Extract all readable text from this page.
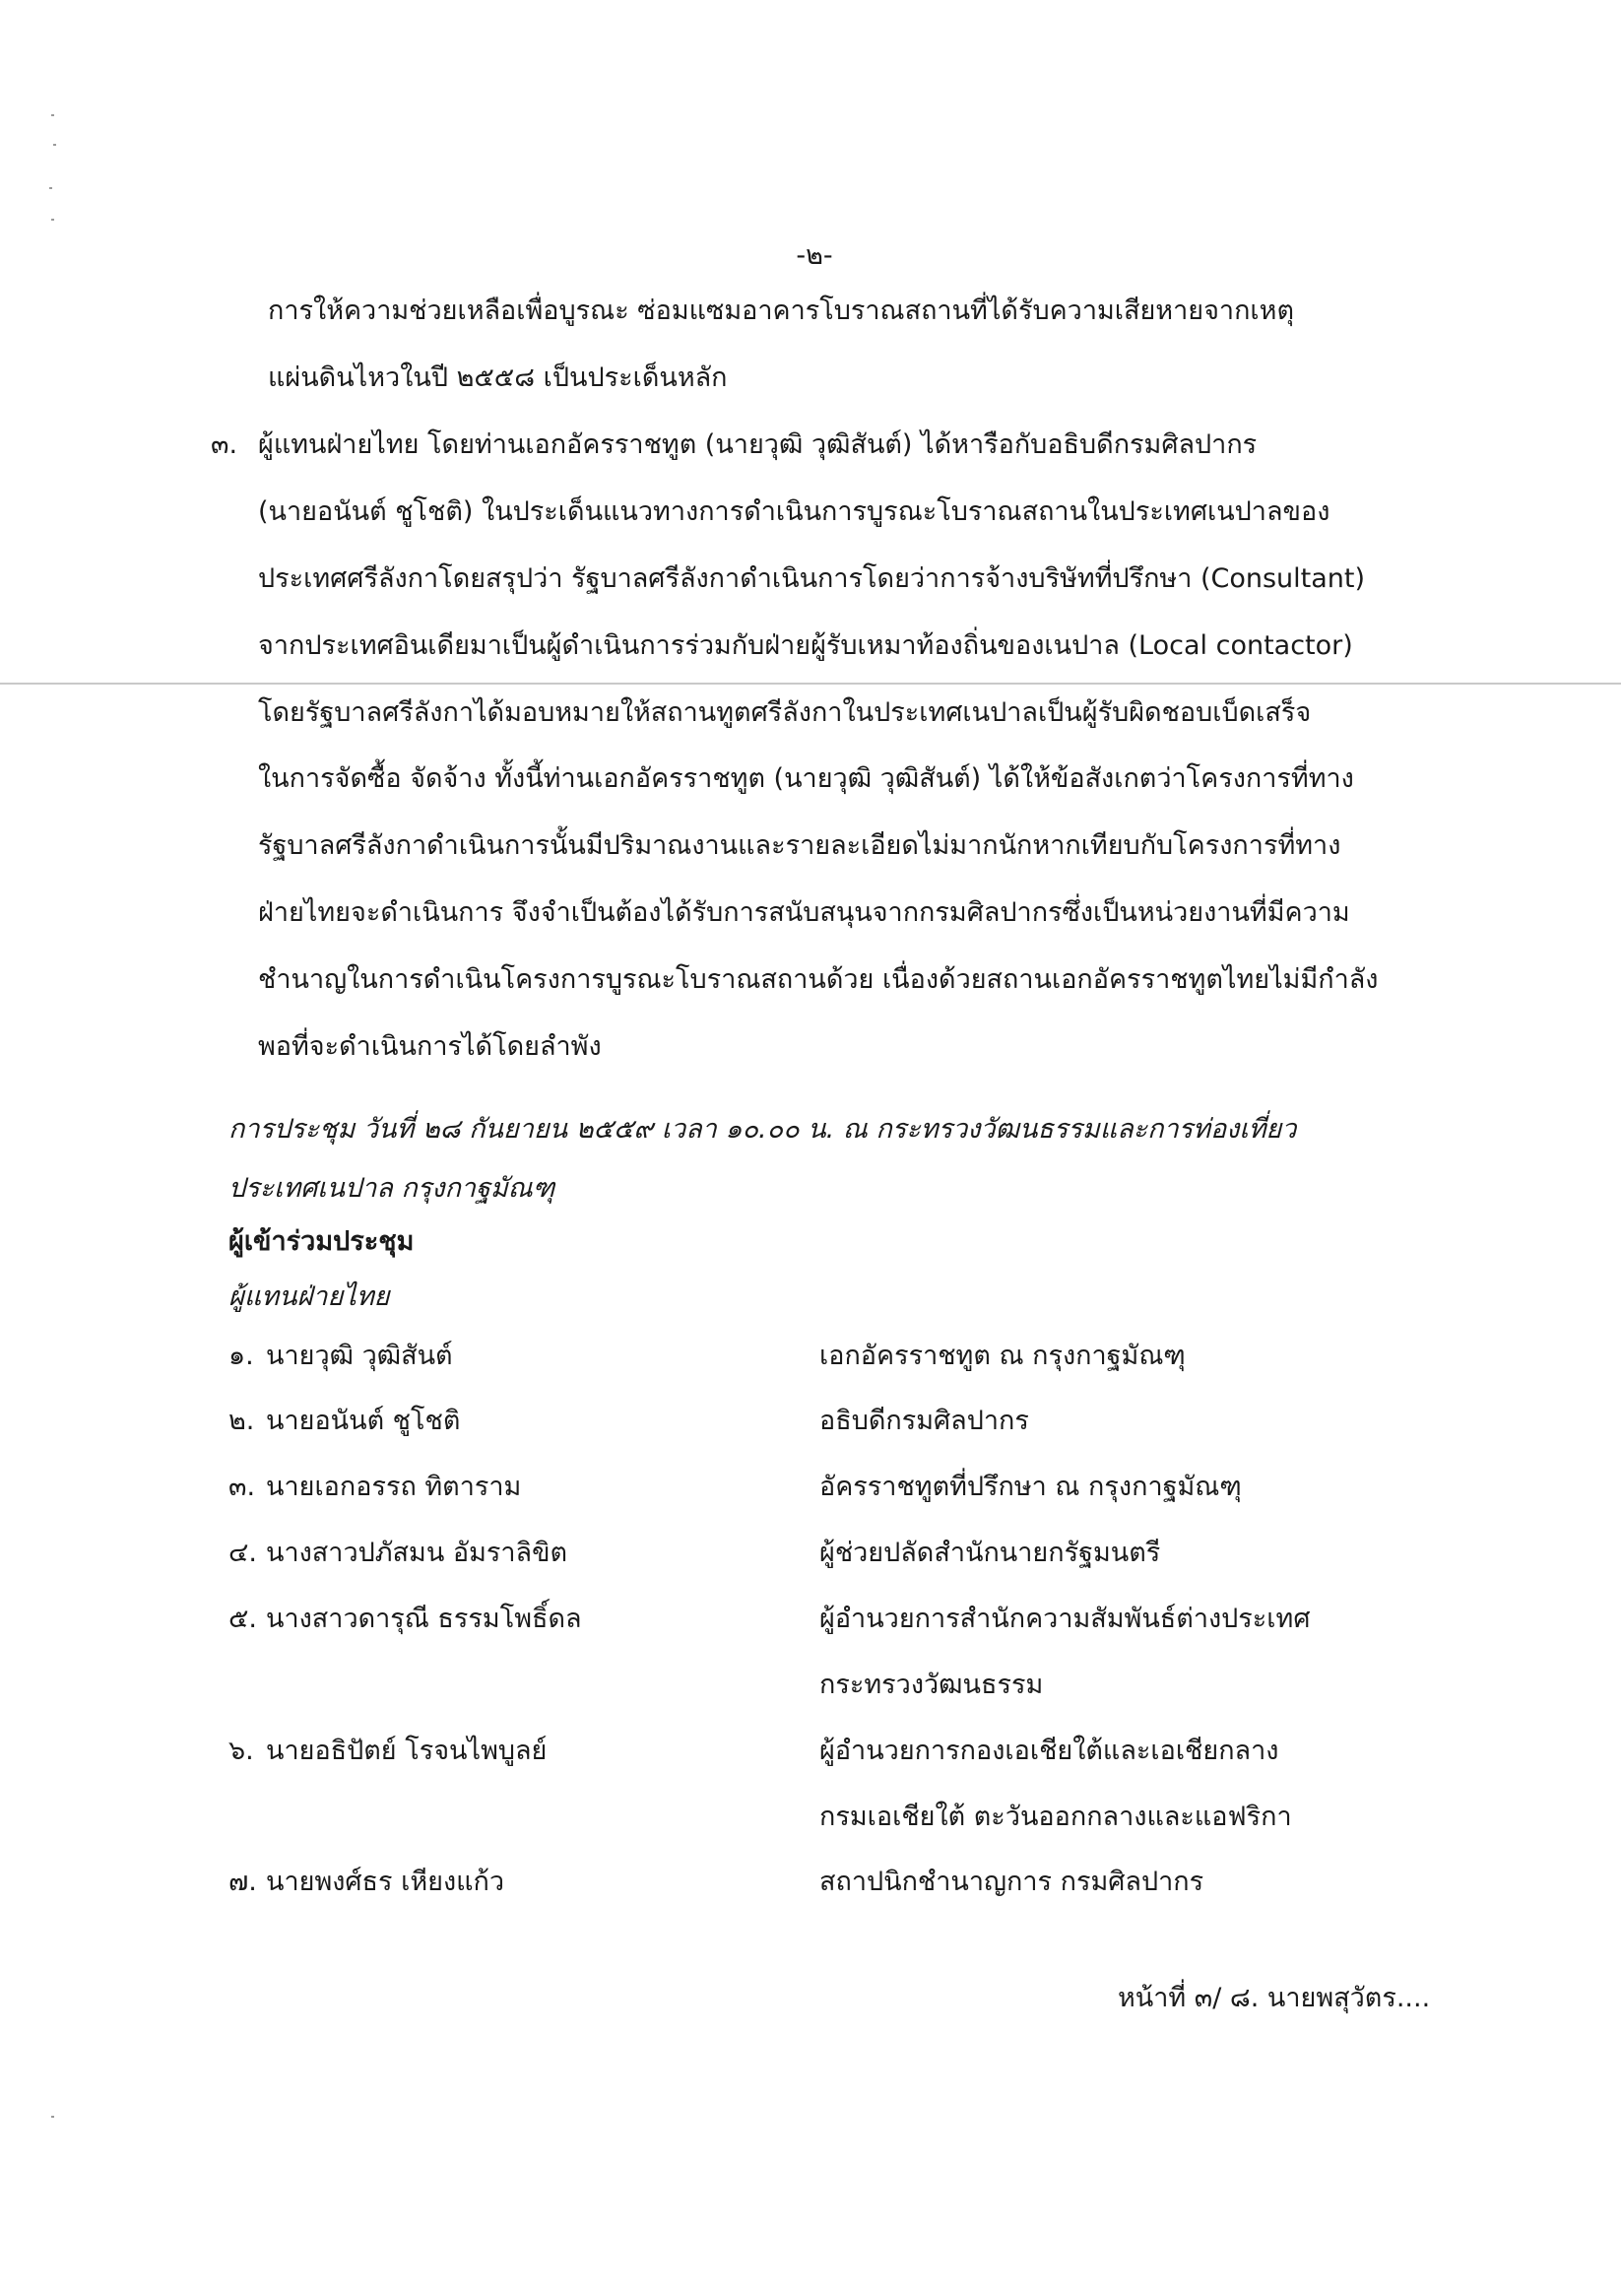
-๒-
การให้ความช่วยเหลือเพื่อบูรณะ ซ่อมแซมอาคารโบราณสถานที่ได้รับความเสียหายจากเหตุ
แผ่นดินไหวในปี ๒๕๕๘ เป็นประเด็นหลัก
๓. ผู้แทนฝ่ายไทย โดยท่านเอกอัครราชทูต (นายวุฒิ วุฒิสันต์) ได้หารือกับอธิบดีกรมศิลปากร
(นายอนันต์ ชูโชติ) ในประเด็นแนวทางการดำเนินการบูรณะโบราณสถานในประเทศเนปาลของ
ประเทศศรีลังกาโดยสรุปว่า รัฐบาลศรีลังกาดำเนินการโดยว่าการจ้างบริษัทที่ปรึกษา (Consultant)
จากประเทศอินเดียมาเป็นผู้ดำเนินการร่วมกับฝ่ายผู้รับเหมาท้องถิ่นของเนปาล (Local contactor)
โดยรัฐบาลศรีลังกาได้มอบหมายให้สถานทูตศรีลังกาในประเทศเนปาลเป็นผู้รับผิดชอบเบ็ดเสร็จ
ในการจัดซื้อ จัดจ้าง ทั้งนี้ท่านเอกอัครราชทูต (นายวุฒิ วุฒิสันต์) ได้ให้ข้อสังเกตว่าโครงการที่ทาง
รัฐบาลศรีลังกาดำเนินการนั้นมีปริมาณงานและรายละเอียดไม่มากนักหากเทียบกับโครงการที่ทาง
ฝ่ายไทยจะดำเนินการ จึงจำเป็นต้องได้รับการสนับสนุนจากกรมศิลปากรซึ่งเป็นหน่วยงานที่มีความ
ชำนาญในการดำเนินโครงการบูรณะโบราณสถานด้วย เนื่องด้วยสถานเอกอัครราชทูตไทยไม่มีกำลัง
พอที่จะดำเนินการได้โดยลำพัง
การประชุม วันที่ ๒๘ กันยายน ๒๕๕๙ เวลา ๑๐.๐๐ น. ณ กระทรวงวัฒนธรรมและการท่องเที่ยว
ประเทศเนปาล กรุงกาฐมัณฑุ
ผู้เข้าร่วมประชุม
ผู้แทนฝ่ายไทย
๑. นายวุฒิ วุฒิสันต์	เอกอัครราชทูต ณ กรุงกาฐมัณฑุ
๒. นายอนันต์ ชูโชติ	อธิบดีกรมศิลปากร
๓. นายเอกอรรถ ทิตาราม	อัครราชทูตที่ปรึกษา ณ กรุงกาฐมัณฑุ
๔. นางสาวปภัสมน อัมราลิขิต	ผู้ช่วยปลัดสำนักนายกรัฐมนตรี
๕. นางสาวดารุณี ธรรมโพธิ์ดล	ผู้อำนวยการสำนักความสัมพันธ์ต่างประเทศ
กระทรวงวัฒนธรรม
๖. นายอธิปัตย์ โรจนไพบูลย์	ผู้อำนวยการกองเอเชียใต้และเอเชียกลาง
กรมเอเชียใต้ ตะวันออกกลางและแอฟริกา
๗. นายพงศ์ธร เหียงแก้ว	สถาปนิกชำนาญการ กรมศิลปากร
หน้าที่ ๓/ ๘. นายพสุวัตร....
